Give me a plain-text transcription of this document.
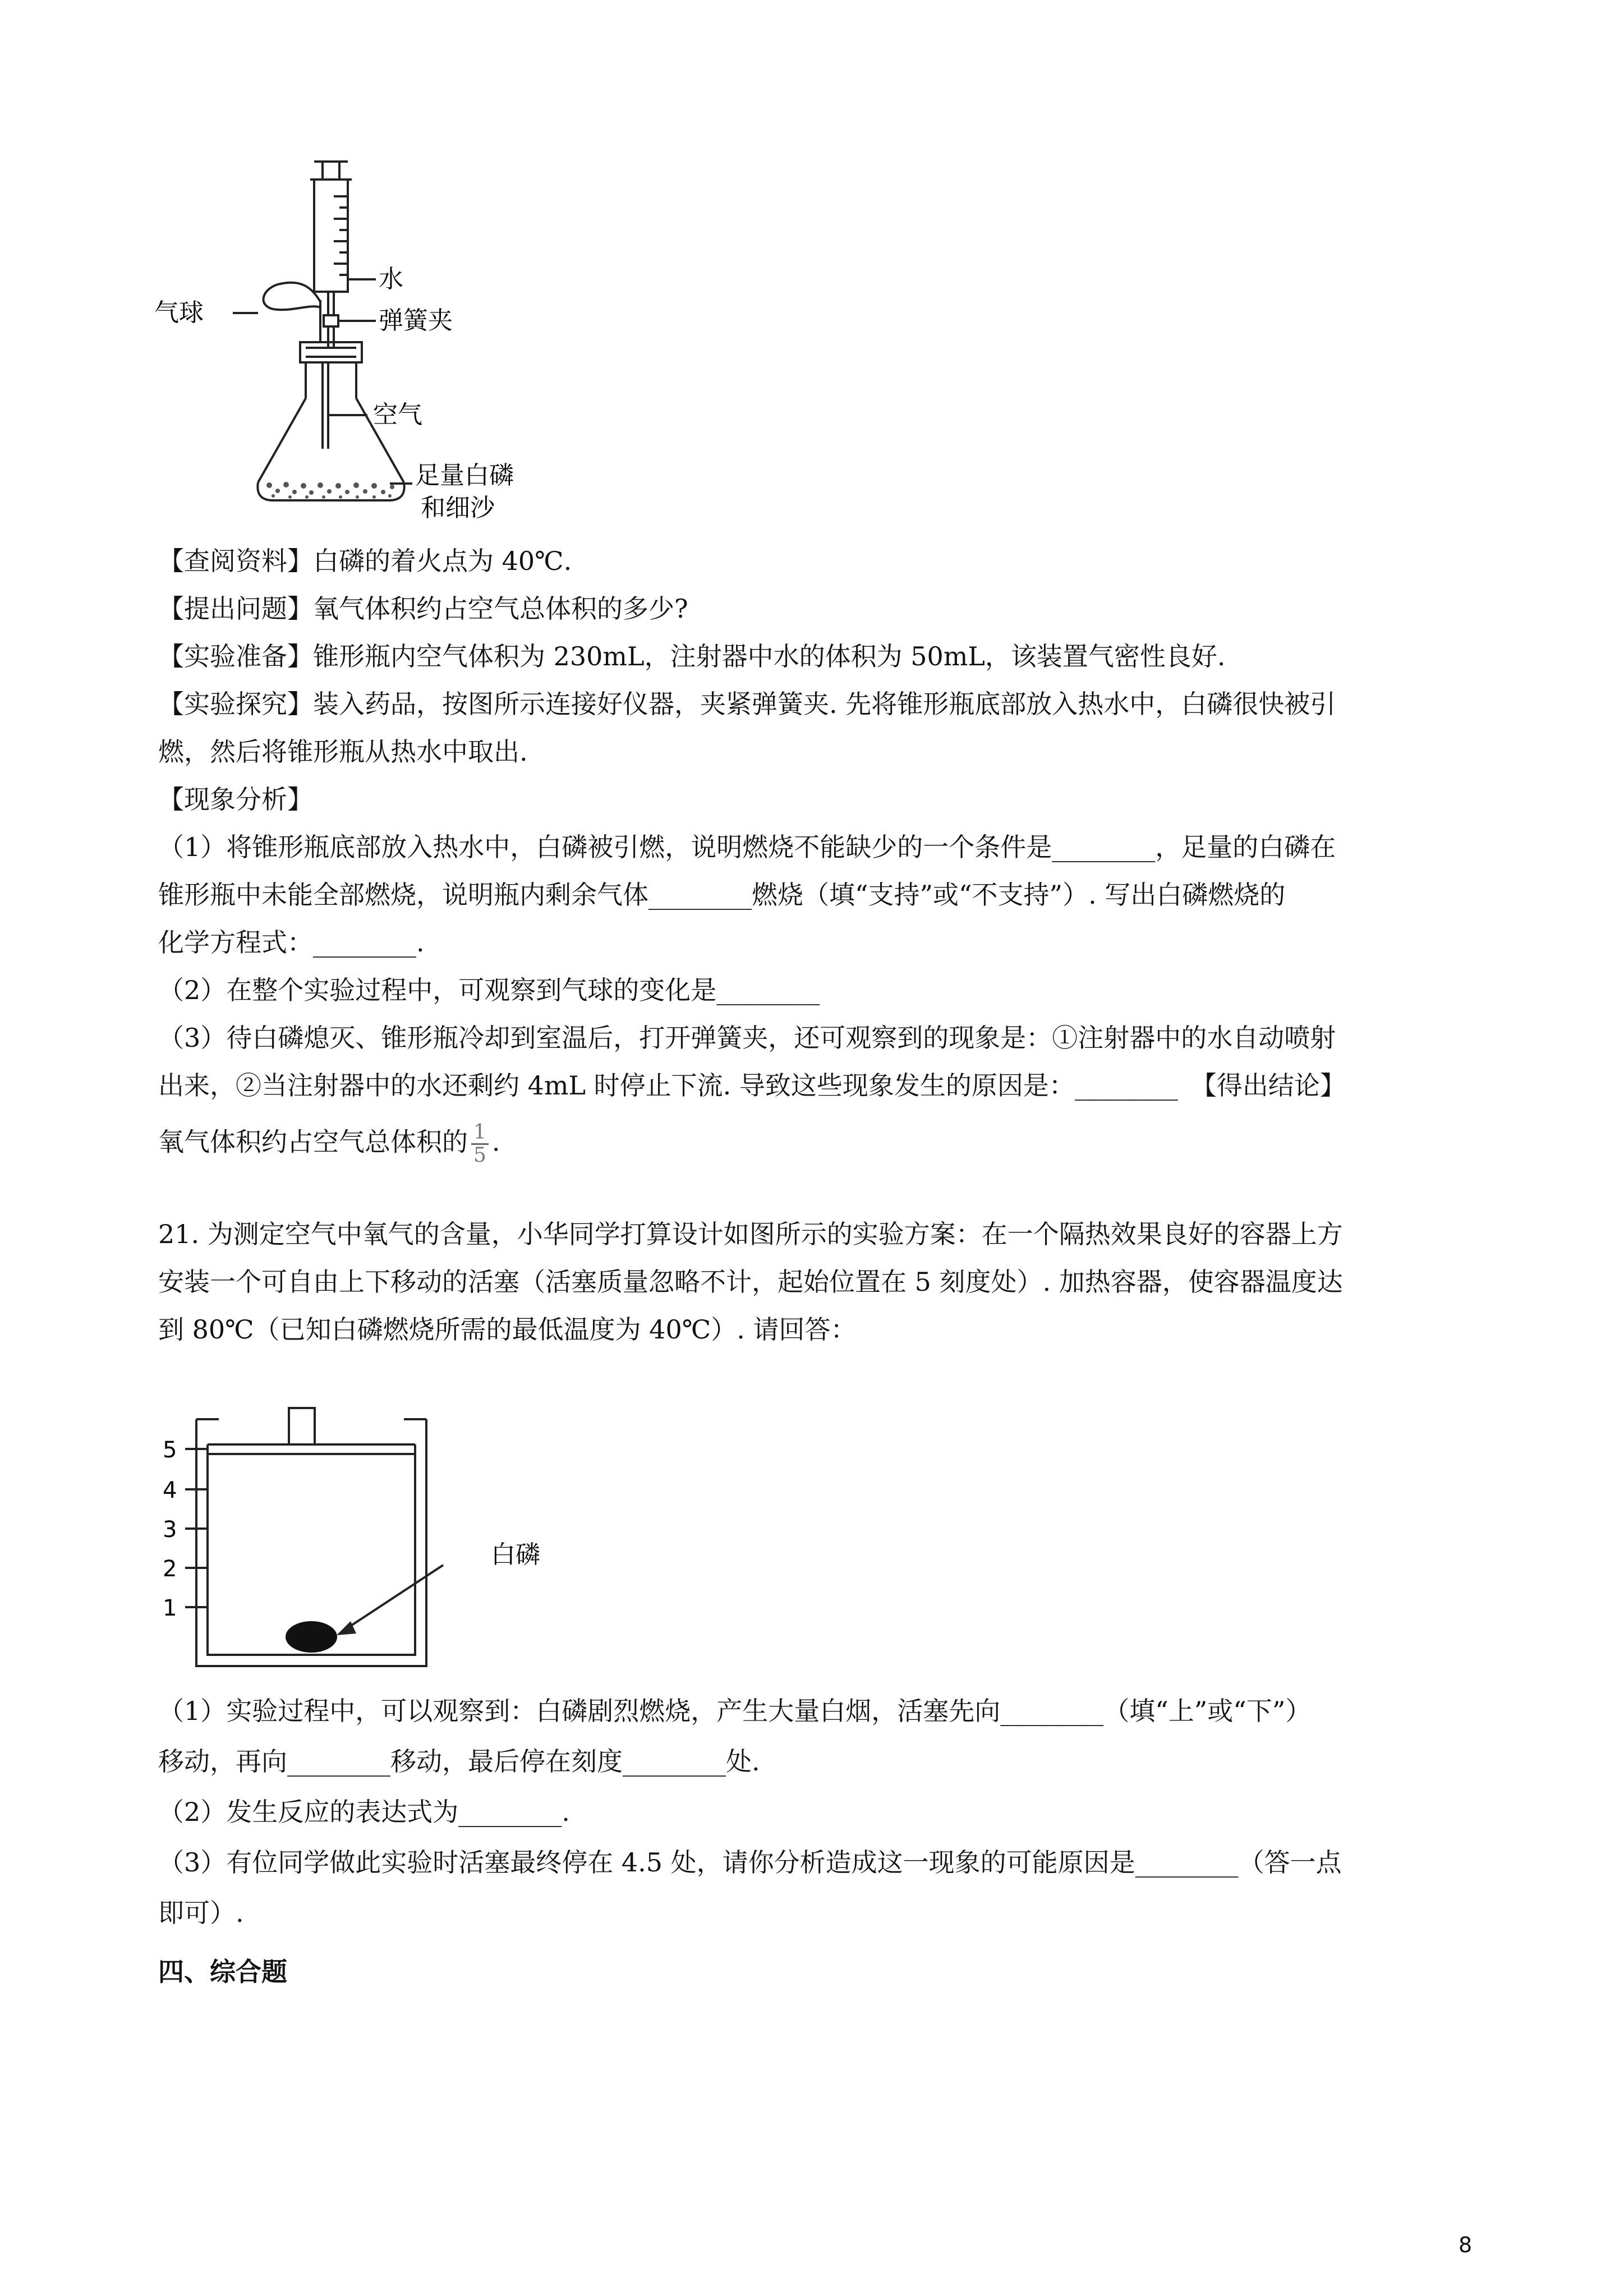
水
气球	弹簧夹
空气
足量白磷
和细沙
【查阅资料】白磷的着火点为 40℃.
【提出问题】氧气体积约占空气总体积的多少?
【实验准备】锥形瓶内空气体积为 230mL，注射器中水的体积为 50mL，该装置气密性良好.
【实验探究】装入药品，按图所示连接好仪器，夹紧弹簧夹. 先将锥形瓶底部放入热水中，白磷很快被引
燃，然后将锥形瓶从热水中取出.
【现象分析】
（1）将锥形瓶底部放入热水中，白磷被引燃，说明燃烧不能缺少的一个条件是________，足量的白磷在
锥形瓶中未能全部燃烧，说明瓶内剩余气体________燃烧（填“支持”或“不支持”）. 写出白磷燃烧的
化学方程式：________.
（2）在整个实验过程中，可观察到气球的变化是________
（3）待白磷熄灭、锥形瓶冷却到室温后，打开弹簧夹，还可观察到的现象是：①注射器中的水自动喷射
出来，②当注射器中的水还剩约 4mL 时停止下流. 导致这些现象发生的原因是：________　【得出结论】
氧气体积约占空气总体积的 $\frac{1}{5}$ .
21. 为测定空气中氧气的含量，小华同学打算设计如图所示的实验方案：在一个隔热效果良好的容器上方
安装一个可自由上下移动的活塞（活塞质量忽略不计，起始位置在 5 刻度处）. 加热容器，使容器温度达
到 80℃（已知白磷燃烧所需的最低温度为 40℃）. 请回答：
5
4
3
2
1
白磷
（1）实验过程中，可以观察到：白磷剧烈燃烧，产生大量白烟，活塞先向________（填“上”或“下”）
移动，再向________移动，最后停在刻度________处.
（2）发生反应的表达式为________.
（3）有位同学做此实验时活塞最终停在 4.5 处，请你分析造成这一现象的可能原因是________（答一点
即可）.
四、综合题
8
